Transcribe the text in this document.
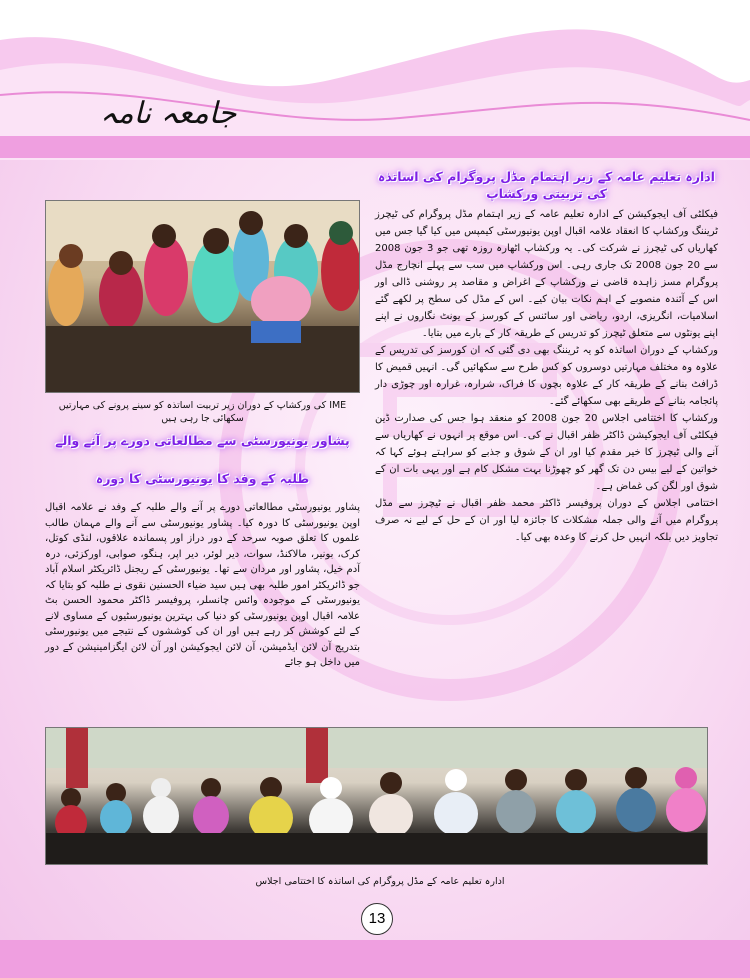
جامعہ نامہ
ادارہ تعلیم عامہ کے زیر اہتمام مڈل پروگرام کی اساتذہ کی تربیتی ورکشاپ
فیکلٹی آف ایجوکیشن کے ادارہ تعلیم عامہ کے زیر اہتمام مڈل پروگرام کی ٹیچرز ٹریننگ ورکشاپ کا انعقاد علامہ اقبال اوپن یونیورسٹی کیمپس میں کیا گیا جس میں کھاریاں کی ٹیچرز نے شرکت کی۔ یہ ورکشاپ اٹھارہ روزہ تھی جو 3 جون 2008 سے 20 جون 2008 تک جاری رہی۔ اس ورکشاپ میں سب سے پہلے انچارج مڈل پروگرام مسز زاہدہ قاضی نے ورکشاپ کے اغراض و مقاصد پر روشنی ڈالی اور اس کے آئندہ منصوبے کے اہم نکات بیان کیے۔ اس کے مڈل کی سطح پر لکھے گئے اسلامیات، انگریزی، اردو، ریاضی اور سائنس کے کورسز کے یونٹ نگاروں نے اپنے اپنے یونٹوں سے متعلق ٹیچرز کو تدریس کے طریقہ کار کے بارے میں بتایا۔
ورکشاپ کے دوران اساتذہ کو یہ ٹریننگ بھی دی گئی کہ ان کورسز کی تدریس کے علاوہ وہ مختلف مہارتیں دوسروں کو کس طرح سے سکھائیں گی۔ انہیں قمیض کا ڈرافٹ بنانے کے طریقہ کار کے علاوہ بچوں کا فراک، شرارہ، غرارہ اور چوڑی دار پائجامہ بنانے کے طریقے بھی سکھائے گئے۔
ورکشاپ کا اختتامی اجلاس 20 جون 2008 کو منعقد ہوا جس کی صدارت ڈین فیکلٹی آف ایجوکیشن ڈاکٹر ظفر اقبال نے کی۔ اس موقع پر انہوں نے کھاریاں سے آنے والی ٹیچرز کا خیر مقدم کیا اور ان کے شوق و جذبے کو سراہتے ہوئے کہا کہ خواتین کے لیے بیس دن تک گھر کو چھوڑنا بہت مشکل کام ہے اور یہی بات ان کے شوق اور لگن کی غماض ہے۔
اختتامی اجلاس کے دوران پروفیسر ڈاکٹر محمد ظفر اقبال نے ٹیچرز سے مڈل پروگرام میں آنے والی جملہ مشکلات کا جائزہ لیا اور ان کے حل کے لیے نہ صرف تجاویز دیں بلکہ انہیں حل کرنے کا وعدہ بھی کیا۔
IME کی ورکشاپ کے دوران زیر تربیت اساتذہ کو سینے پرونے کی مہارتیں سکھائی جا رہی ہیں
پشاور یونیورسٹی سے مطالعاتی دورے پر آنے والے
طلبہ کے وفد کا یونیورسٹی کا دورہ
پشاور یونیورسٹی مطالعاتی دورے پر آنے والے طلبہ کے وفد نے علامہ اقبال اوپن یونیورسٹی کا دورہ کیا۔ پشاور یونیورسٹی سے آنے والے مہمان طالب علموں کا تعلق صوبہ سرحد کے دور دراز اور پسماندہ علاقوں، لنڈی کوتل، کرک، بونیر، مالاکنڈ، سوات، دیر لوئر، دیر اپر، ہنگو، صوابی، اورکزئی، درہ آدم خیل، پشاور اور مردان سے تھا۔ یونیورسٹی کے ریجنل ڈائریکٹر اسلام آباد جو ڈائریکٹر امور طلبہ بھی ہیں سید ضیاء الحسنین نقوی نے طلبہ کو بتایا کہ یونیورسٹی کے موجودہ وائس چانسلر، پروفیسر ڈاکٹر محمود الحسن بٹ علامہ اقبال اوپن یونیورسٹی کو دنیا کی بہترین یونیورسٹیوں کے مساوی لانے کے لئے کوشش کر رہے ہیں اور ان کی کوششوں کے نتیجے میں یونیورسٹی بتدریج آن لائن ایڈمیشن، آن لائن ایجوکیشن اور آن لائن ایگزامینیشن کے دور میں داخل ہو جائے
ادارہ تعلیم عامہ کے مڈل پروگرام کی اساتذہ کا اختتامی اجلاس
13
